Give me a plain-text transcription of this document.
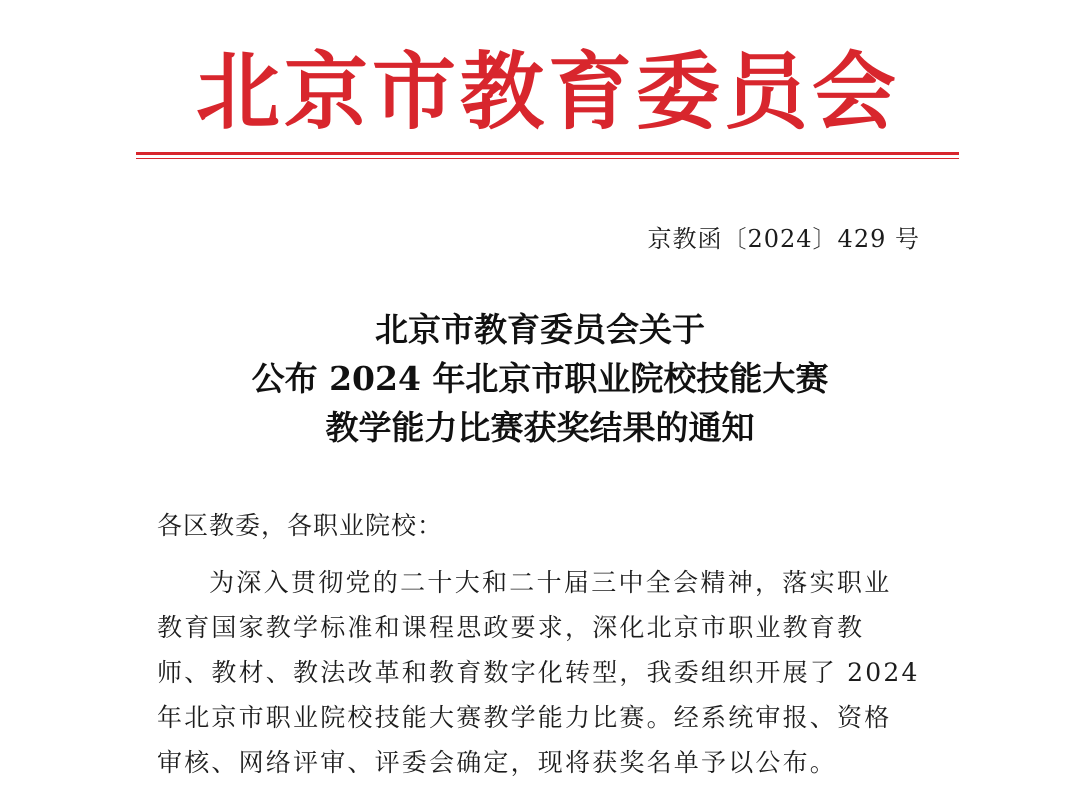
北 京 市 教 育 委 员 会
京教函〔2024〕429 号
北京市教育委员会关于
公布 2024 年北京市职业院校技能大赛
教学能力比赛获奖结果的通知
各区教委，各职业院校：
为深入贯彻党的二十大和二十届三中全会精神，落实职业
教育国家教学标准和课程思政要求，深化北京市职业教育教
师、教材、教法改革和教育数字化转型，我委组织开展了 2024
年北京市职业院校技能大赛教学能力比赛。经系统审报、资格
审核、网络评审、评委会确定，现将获奖名单予以公布。
